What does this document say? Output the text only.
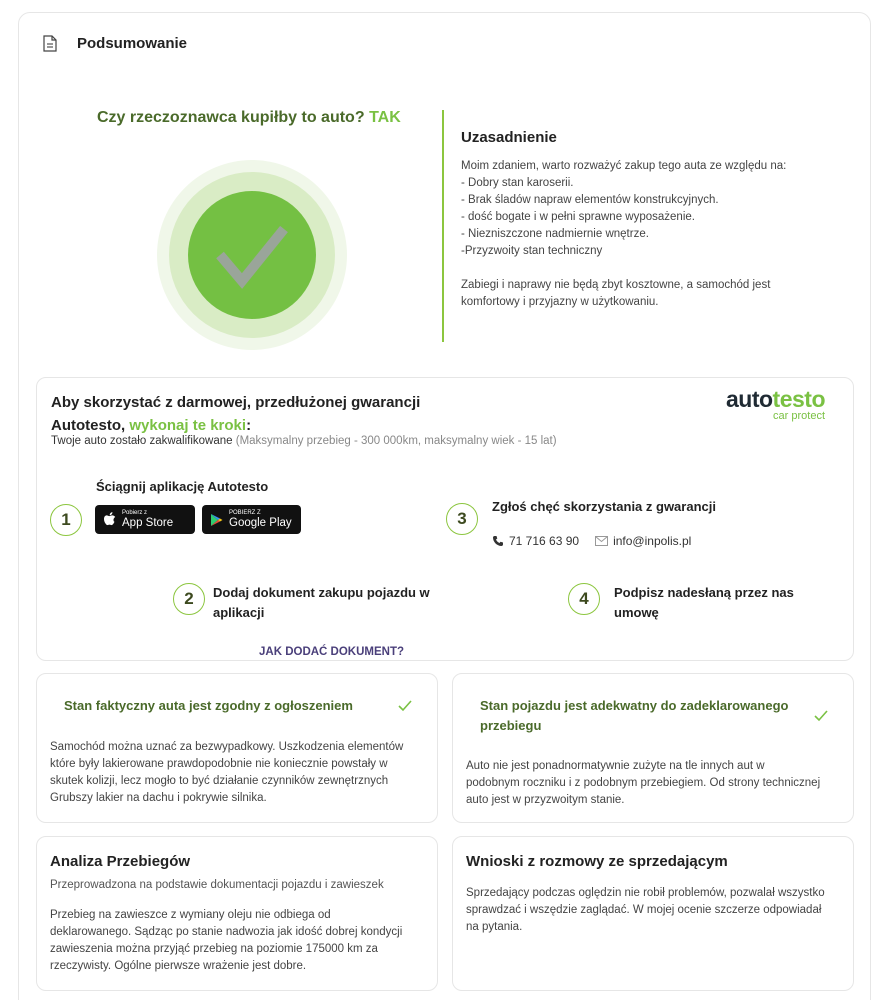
Podsumowanie
Czy rzeczoznawca kupiłby to auto? TAK
Uzasadnienie
Moim zdaniem, warto rozważyć zakup tego auta ze względu na:
- Dobry stan karoserii.
- Brak śladów napraw elementów konstrukcyjnych.
- dość bogate i w pełni sprawne wyposażenie.
- Niezniszczone nadmiernie wnętrze.
-Przyzwoity stan techniczny
Zabiegi i naprawy nie będą zbyt kosztowne, a samochód jest
komfortowy i przyjazny w użytkowaniu.
Aby skorzystać z darmowej, przedłużonej gwarancji
Autotesto, wykonaj te kroki:
Twoje auto zostało zakwalifikowane (Maksymalny przebieg - 300 000km, maksymalny wiek - 15 lat)
autotesto
car protect
1
Ściągnij aplikację Autotesto
Pobierz z
App Store
POBIERZ Z
Google Play	3
Zgłoś chęć skorzystania z gwarancji
71 716 63 90	info@inpolis.pl
2	Dodaj dokument zakupu pojazdu w
aplikacji
JAK DODAĆ DOKUMENT?
4	Podpisz nadesłaną przez nas
umowę
Stan faktyczny auta jest zgodny z ogłoszeniem
Samochód można uznać za bezwypadkowy. Uszkodzenia elementów
które były lakierowane prawdopodobnie nie koniecznie powstały w
skutek kolizji, lecz mogło to być działanie czynników zewnętrznych
Grubszy lakier na dachu i pokrywie silnika.
Stan pojazdu jest adekwatny do zadeklarowanego
przebiegu
Auto nie jest ponadnormatywnie zużyte na tle innych aut w
podobnym roczniku i z podobnym przebiegiem. Od strony technicznej
auto jest w przyzwoitym stanie.
Analiza Przebiegów
Przeprowadzona na podstawie dokumentacji pojazdu i zawieszek
Przebieg na zawieszce z wymiany oleju nie odbiega od
deklarowanego. Sądząc po stanie nadwozia jak idość dobrej kondycji
zawieszenia można przyjąć przebieg na poziomie 175000 km za
rzeczywisty. Ogólne pierwsze wrażenie jest dobre.
Wnioski z rozmowy ze sprzedającym
Sprzedający podczas oględzin nie robił problemów, pozwalał wszystko
sprawdzać i wszędzie zaglądać. W mojej ocenie szczerze odpowiadał
na pytania.
